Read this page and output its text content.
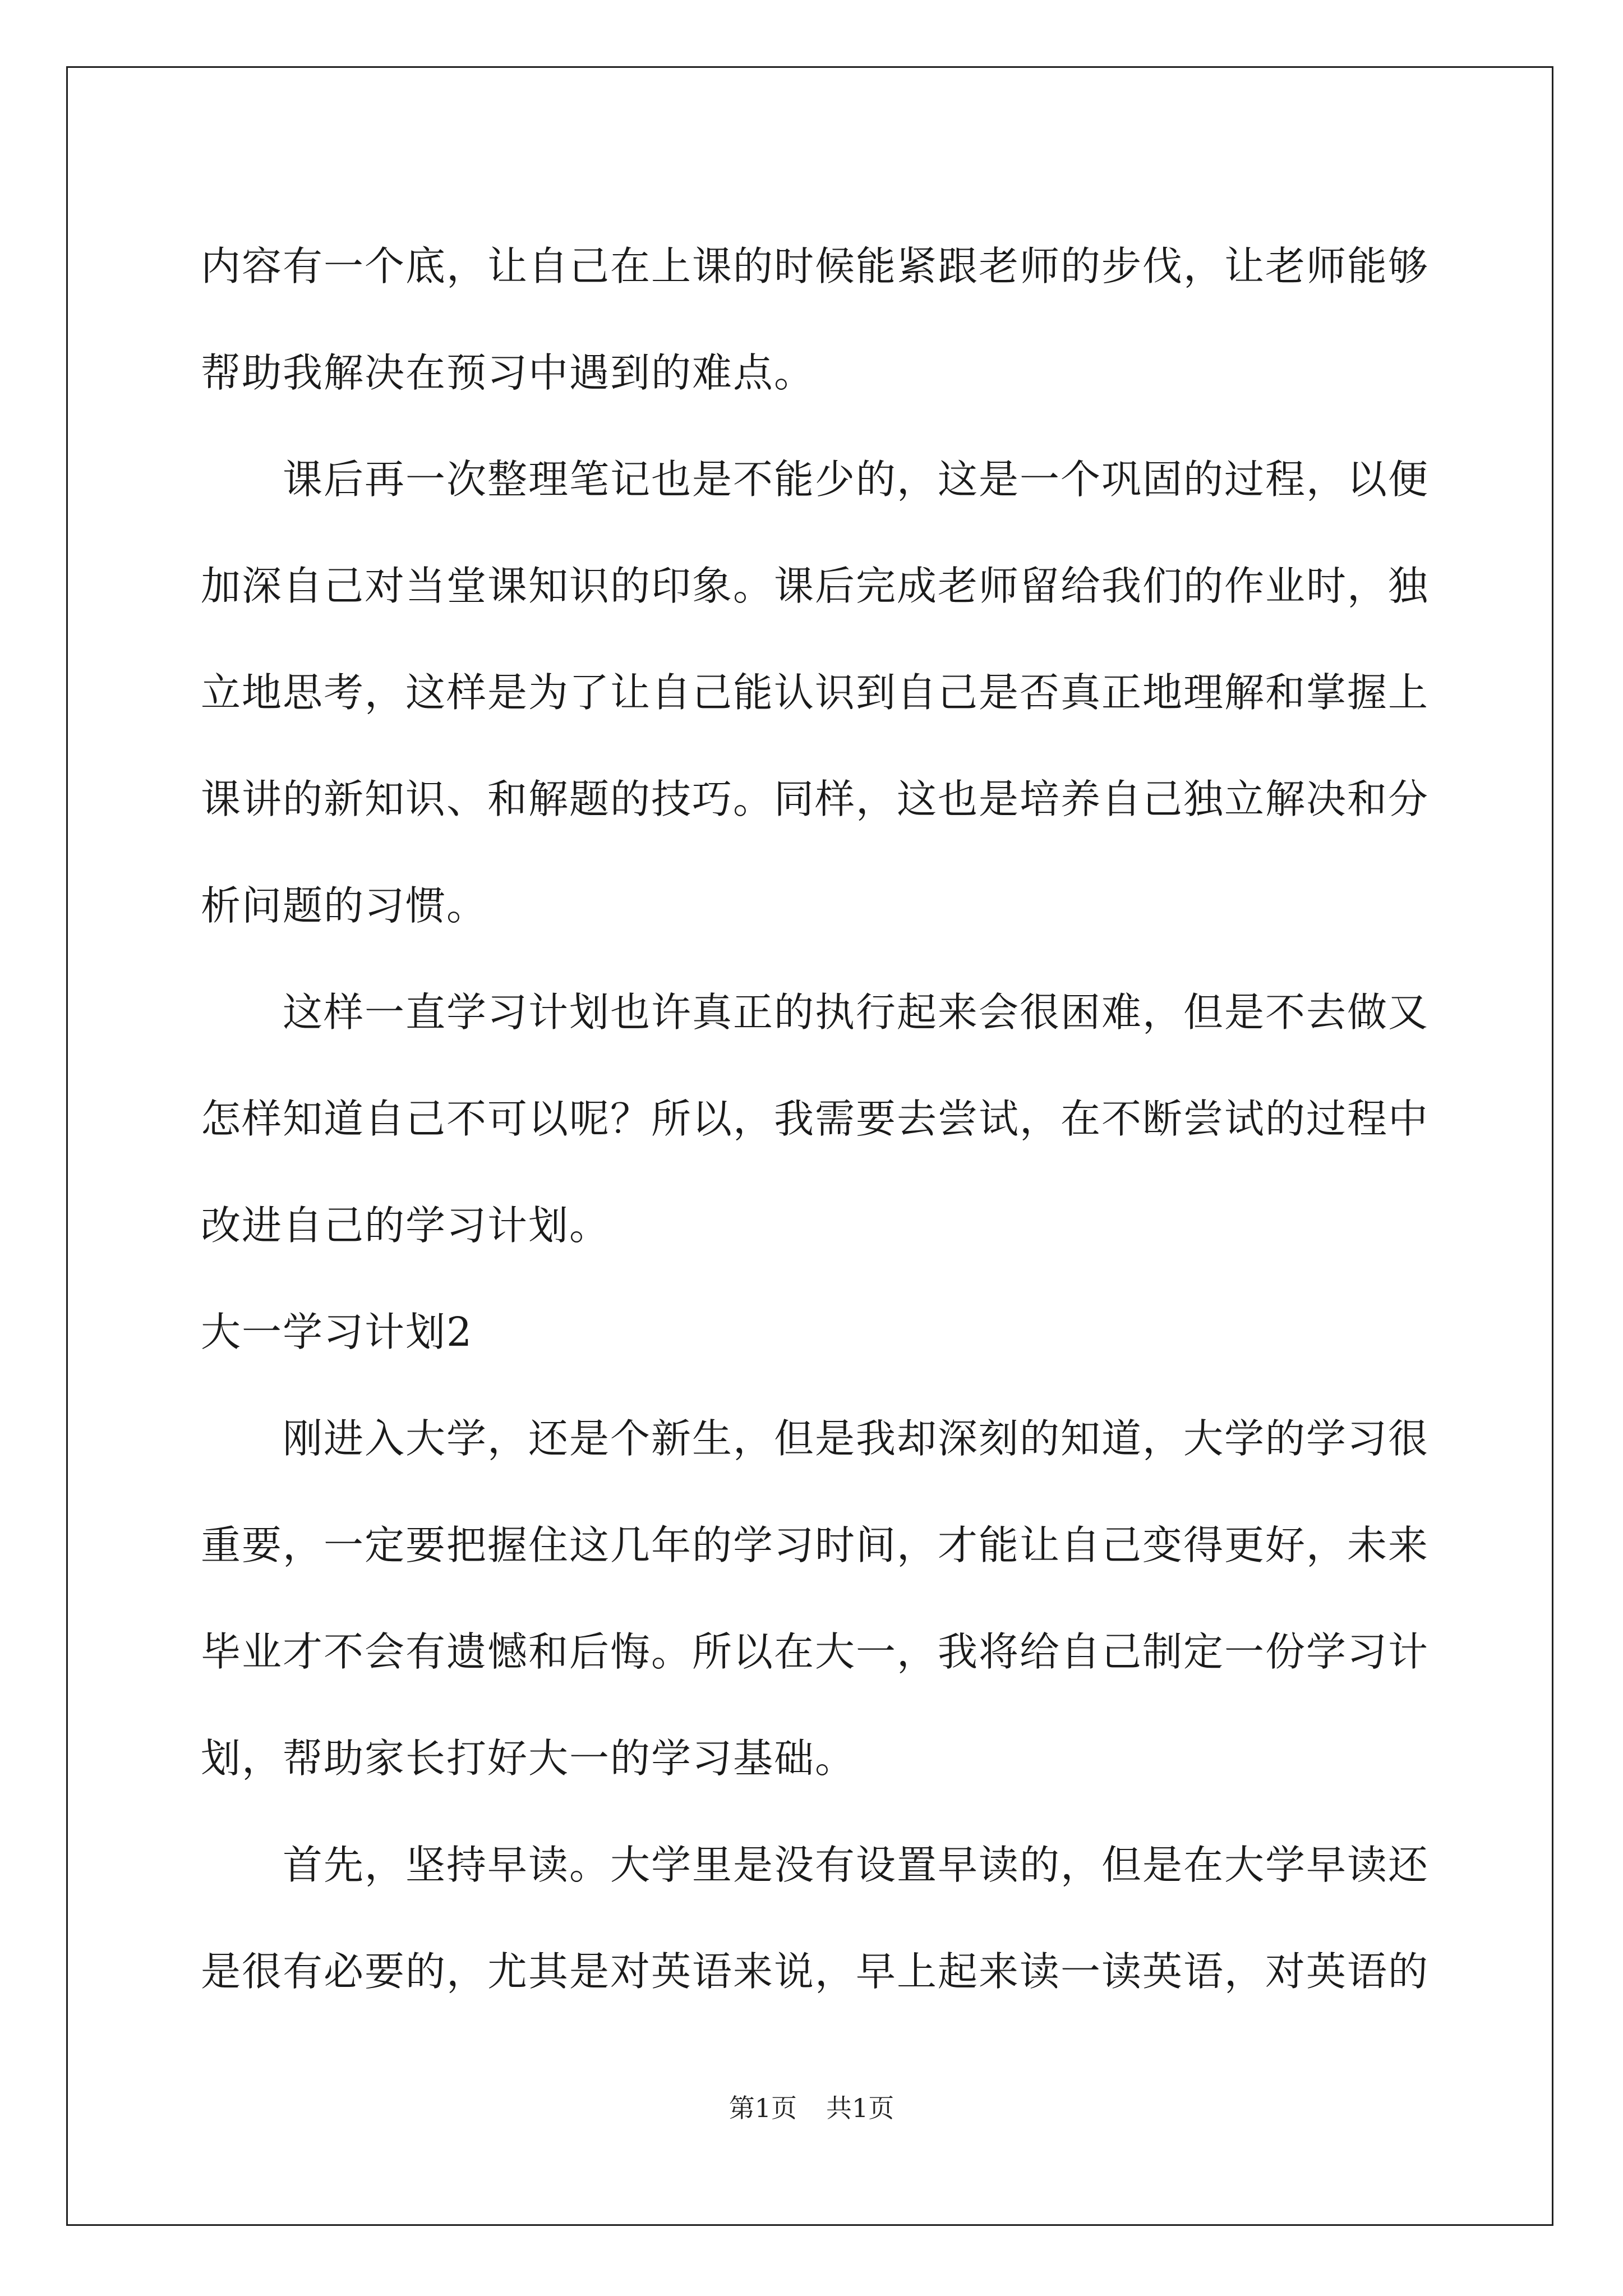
内容有一个底，让自己在上课的时候能紧跟老师的步伐，让老师能够帮助我解决在预习中遇到的难点。

课后再一次整理笔记也是不能少的，这是一个巩固的过程，以便加深自己对当堂课知识的印象。课后完成老师留给我们的作业时，独立地思考，这样是为了让自己能认识到自己是否真正地理解和掌握上课讲的新知识、和解题的技巧。同样，这也是培养自己独立解决和分析问题的习惯。

这样一直学习计划也许真正的执行起来会很困难，但是不去做又怎样知道自己不可以呢？所以，我需要去尝试，在不断尝试的过程中改进自己的学习计划。

大一学习计划2

刚进入大学，还是个新生，但是我却深刻的知道，大学的学习很重要，一定要把握住这几年的学习时间，才能让自己变得更好，未来毕业才不会有遗憾和后悔。所以在大一，我将给自己制定一份学习计划，帮助家长打好大一的学习基础。

首先，坚持早读。大学里是没有设置早读的，但是在大学早读还是很有必要的，尤其是对英语来说，早上起来读一读英语，对英语的

第1页 共1页
